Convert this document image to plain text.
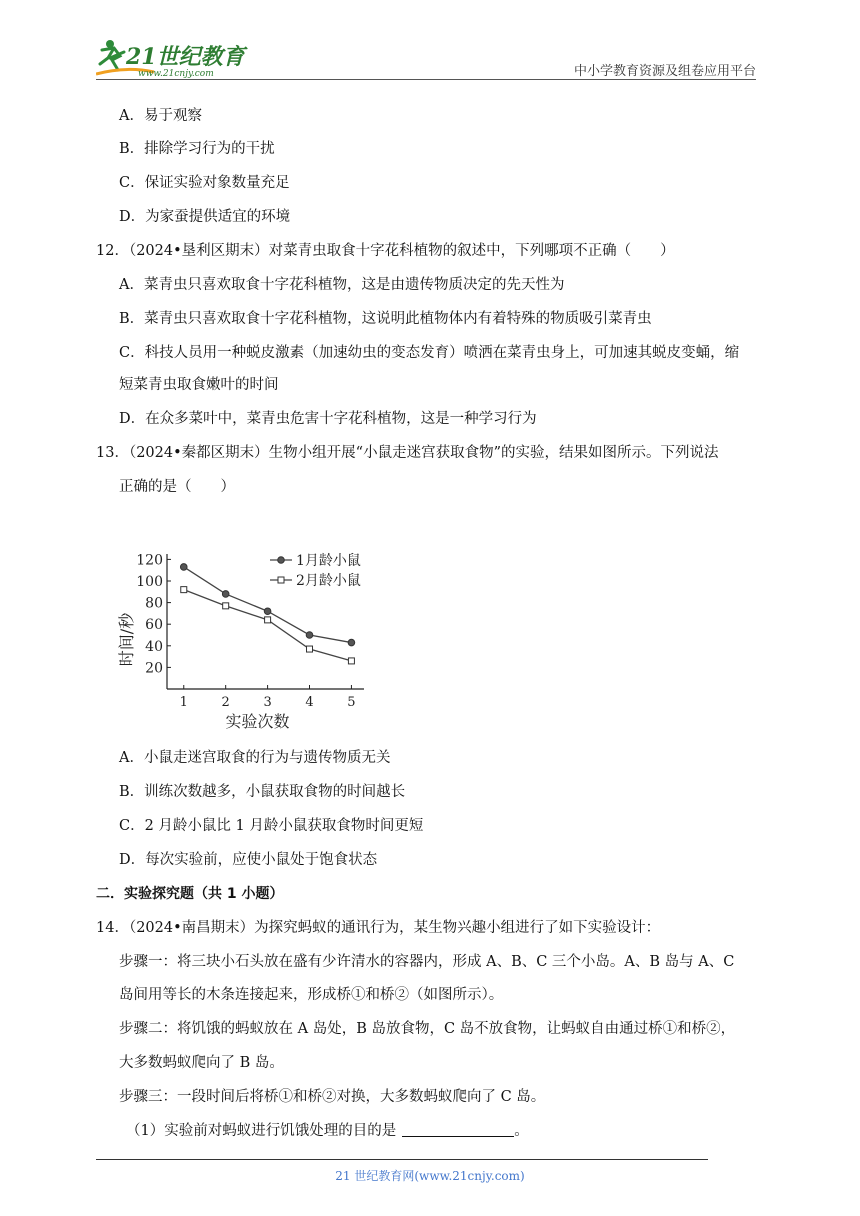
21世纪教育
www.21cnjy.com	中小学教育资源及组卷应用平台
A．易于观察
B．排除学习行为的干扰
C．保证实验对象数量充足
D．为家蚕提供适宜的环境
12．（2024•垦利区期末）对菜青虫取食十字花科植物的叙述中，下列哪项不正确（　　）
A．菜青虫只喜欢取食十字花科植物，这是由遗传物质决定的先天性为
B．菜青虫只喜欢取食十字花科植物，这说明此植物体内有着特殊的物质吸引菜青虫
C．科技人员用一种蜕皮激素（加速幼虫的变态发育）喷洒在菜青虫身上，可加速其蜕皮变蛹，缩
短菜青虫取食嫩叶的时间
D．在众多菜叶中，菜青虫危害十字花科植物，这是一种学习行为
13．（2024•秦都区期末）生物小组开展“小鼠走迷宫获取食物”的实验，结果如图所示。下列说法
正确的是（　　）
20
40
60
80
100
120
1	2	3	4	5
实验次数
时间/秒
1月龄小鼠
2月龄小鼠
A．小鼠走迷宫取食的行为与遗传物质无关
B．训练次数越多，小鼠获取食物的时间越长
C．2 月龄小鼠比 1 月龄小鼠获取食物时间更短
D．每次实验前，应使小鼠处于饱食状态
二．实验探究题（共 1 小题）
14．（2024•南昌期末）为探究蚂蚁的通讯行为，某生物兴趣小组进行了如下实验设计：
步骤一：将三块小石头放在盛有少许清水的容器内，形成 A、B、C 三个小岛。A、B 岛与 A、C
岛间用等长的木条连接起来，形成桥①和桥②（如图所示）。
步骤二：将饥饿的蚂蚁放在 A 岛处，B 岛放食物，C 岛不放食物，让蚂蚁自由通过桥①和桥②，
大多数蚂蚁爬向了 B 岛。
步骤三：一段时间后将桥①和桥②对换，大多数蚂蚁爬向了 C 岛。
（1）实验前对蚂蚁进行饥饿处理的目的是	。
21 世纪教育网(www.21cnjy.com)
